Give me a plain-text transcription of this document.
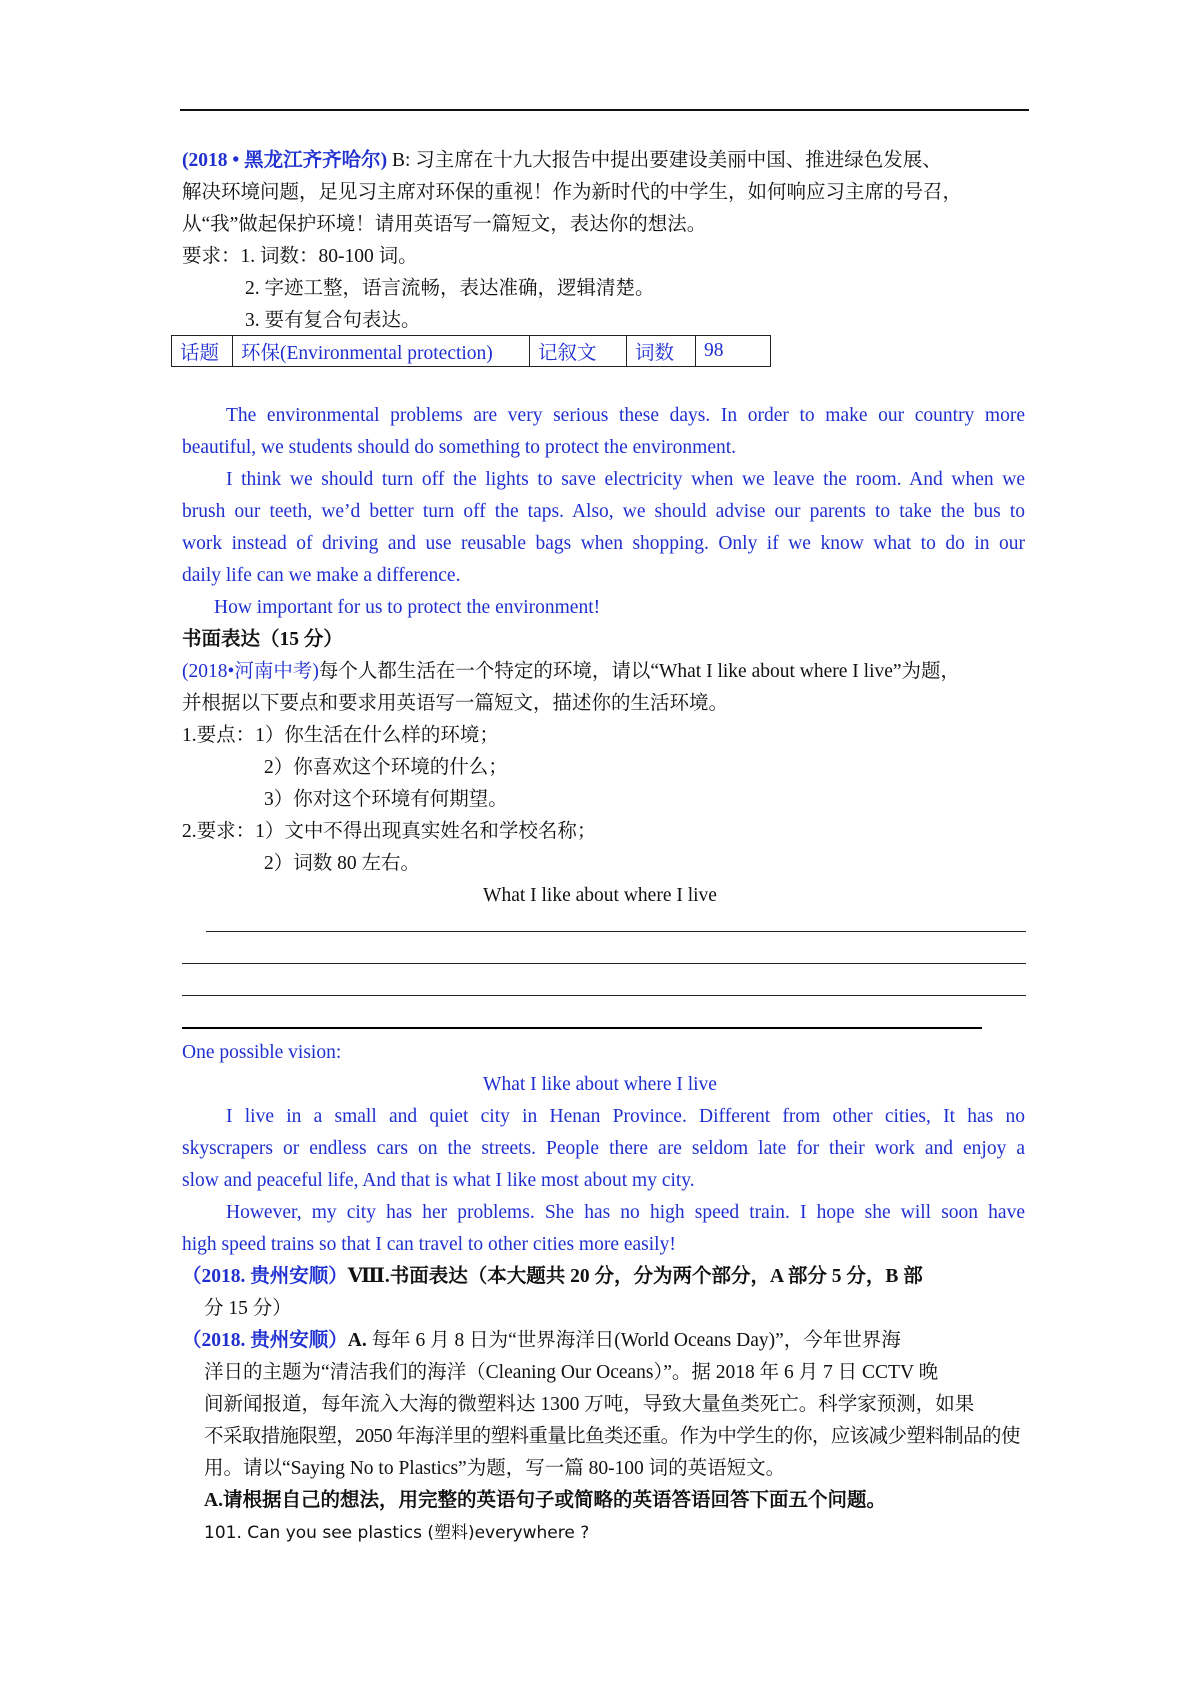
(2018 • 黑龙江齐齐哈尔) B: 习主席在十九大报告中提出要建设美丽中国、推进绿色发展、
解决环境问题，足见习主席对环保的重视！作为新时代的中学生，如何响应习主席的号召，
从“我”做起保护环境！请用英语写一篇短文，表达你的想法。
要求：1. 词数：80-100 词。
2. 字迹工整，语言流畅，表达准确，逻辑清楚。
3. 要有复合句表达。
话题	环保(Environmental protection)	记叙文	词数	98
The environmental problems are very serious these days. In order to make our country more
beautiful, we students should do something to protect the environment.
I think we should turn off the lights to save electricity when we leave the room. And when we
brush our teeth, we’d better turn off the taps. Also, we should advise our parents to take the bus to
work instead of driving and use reusable bags when shopping. Only if we know what to do in our
daily life can we make a difference.
How important for us to protect the environment!
书面表达（15 分）
(2018•河南中考)每个人都生活在一个特定的环境，请以“What I like about where I live”为题，
并根据以下要点和要求用英语写一篇短文，描述你的生活环境。
1.要点：1）你生活在什么样的环境；
2）你喜欢这个环境的什么；
3）你对这个环境有何期望。
2.要求：1）文中不得出现真实姓名和学校名称；
2）词数 80 左右。
What I like about where I live
One possible vision:
What I like about where I live
I live in a small and quiet city in Henan Province. Different from other cities, It has no
skyscrapers or endless cars on the streets. People there are seldom late for their work and enjoy a
slow and peaceful life, And that is what I like most about my city.
However, my city has her problems. She has no high speed train. I hope she will soon have
high speed trains so that I can travel to other cities more easily!
（2018. 贵州安顺）Ⅷ.书面表达（本大题共 20 分，分为两个部分，A 部分 5 分，B 部
分 15 分）
（2018. 贵州安顺）A. 每年 6 月 8 日为“世界海洋日(World Oceans Day)”，今年世界海
洋日的主题为“清洁我们的海洋（Cleaning Our Oceans）”。据 2018 年 6 月 7 日 CCTV 晚
间新闻报道，每年流入大海的微塑料达 1300 万吨，导致大量鱼类死亡。科学家预测，如果
不采取措施限塑，2050 年海洋里的塑料重量比鱼类还重。作为中学生的你，应该减少塑料制品的使
用。请以“Saying No to Plastics”为题，写一篇 80-100 词的英语短文。
A.请根据自己的想法，用完整的英语句子或简略的英语答语回答下面五个问题。
101. Can you see plastics (塑料)everywhere ?
